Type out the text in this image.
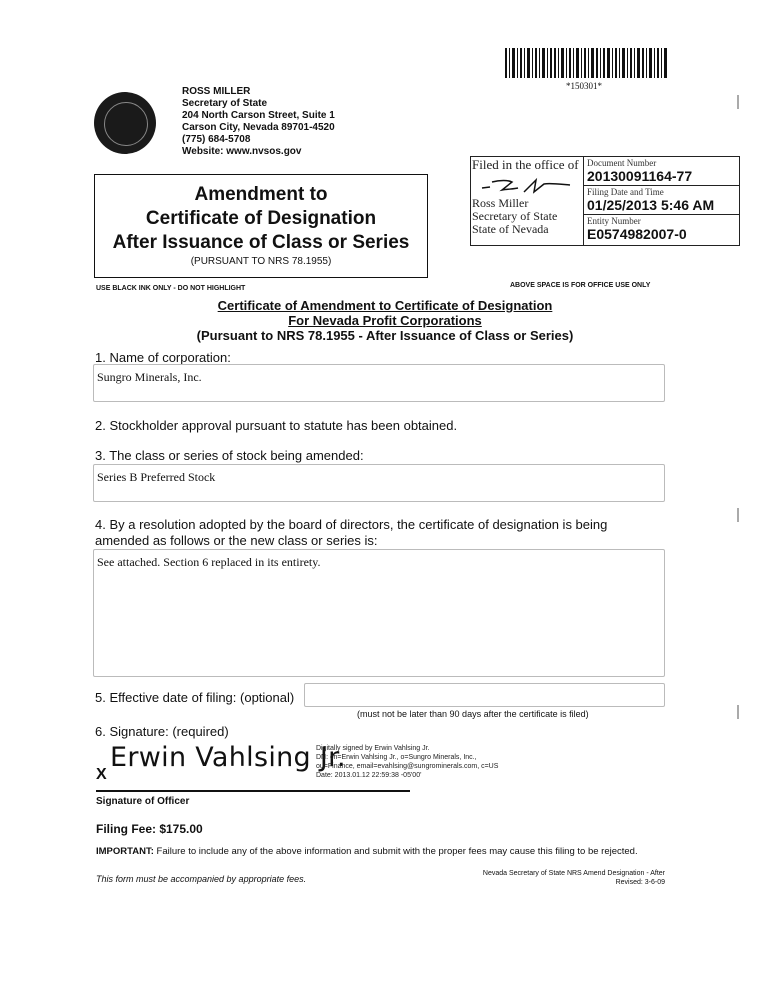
*150301*
ROSS MILLER
Secretary of State
204 North Carson Street, Suite 1
Carson City, Nevada 89701-4520
(775) 684-5708
Website: www.nvsos.gov
Filed in the office of
Ross Miller
Secretary of State
State of Nevada
Document Number
20130091164-77
Filing Date and Time
01/25/2013 5:46 AM
Entity Number
E0574982007-0
Amendment to
Certificate of Designation
After Issuance of Class or Series
(PURSUANT TO NRS 78.1955)
USE BLACK INK ONLY - DO NOT HIGHLIGHT	ABOVE SPACE IS FOR OFFICE USE ONLY
Certificate of Amendment to Certificate of Designation
For Nevada Profit Corporations
(Pursuant to NRS 78.1955 - After Issuance of Class or Series)
1. Name of corporation:
Sungro Minerals, Inc.
2. Stockholder approval pursuant to statute has been obtained.
3. The class or series of stock being amended:
Series B Preferred Stock
4. By a resolution adopted by the board of directors, the certificate of designation is being
amended as follows or the new class or series is:
See attached. Section 6 replaced in its entirety.
5. Effective date of filing: (optional)
(must not be later than 90 days after the certificate is filed)
6. Signature: (required)
X
Erwin Vahlsing Jr.
Digitally signed by Erwin Vahlsing Jr.
DN: cn=Erwin Vahlsing Jr., o=Sungro Minerals, Inc.,
ou=Finance, email=evahlsing@sungrominerals.com, c=US
Date: 2013.01.12 22:59:38 -05'00'
Signature of Officer
Filing Fee: $175.00
IMPORTANT: Failure to include any of the above information and submit with the proper fees may cause this filing to be rejected.
This form must be accompanied by appropriate fees.
Nevada Secretary of State NRS Amend Designation - After
Revised: 3-6-09
